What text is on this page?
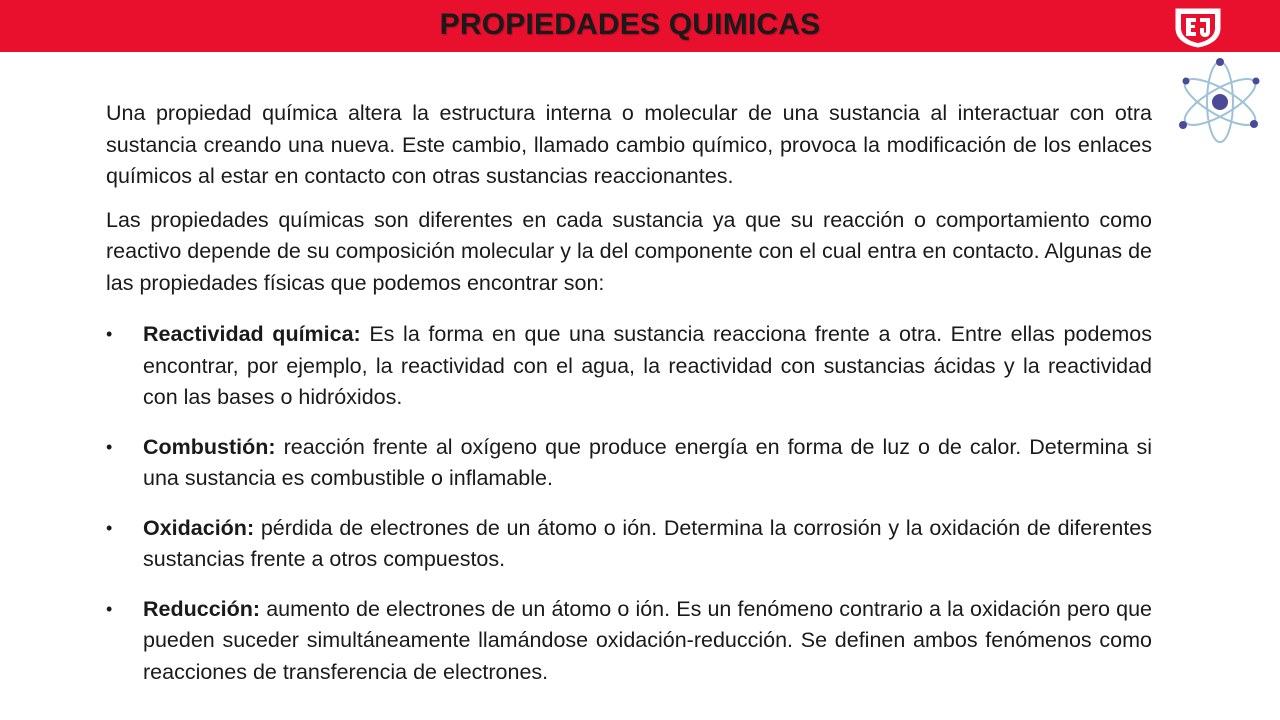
PROPIEDADES QUIMICAS

Una propiedad química altera la estructura interna o molecular de una sustancia al interactuar con otra sustancia creando una nueva. Este cambio, llamado cambio químico, provoca la modificación de los enlaces químicos al estar en contacto con otras sustancias reaccionantes.

Las propiedades químicas son diferentes en cada sustancia ya que su reacción o comportamiento como reactivo depende de su composición molecular y la del componente con el cual entra en contacto. Algunas de las propiedades físicas que podemos encontrar son:

• Reactividad química: Es la forma en que una sustancia reacciona frente a otra. Entre ellas podemos encontrar, por ejemplo, la reactividad con el agua, la reactividad con sustancias ácidas y la reactividad con las bases o hidróxidos.
• Combustión: reacción frente al oxígeno que produce energía en forma de luz o de calor. Determina si una sustancia es combustible o inflamable.
• Oxidación: pérdida de electrones de un átomo o ión. Determina la corrosión y la oxidación de diferentes sustancias frente a otros compuestos.
• Reducción: aumento de electrones de un átomo o ión. Es un fenómeno contrario a la oxidación pero que pueden suceder simultáneamente llamándose oxidación-reducción. Se definen ambos fenómenos como reacciones de transferencia de electrones.
